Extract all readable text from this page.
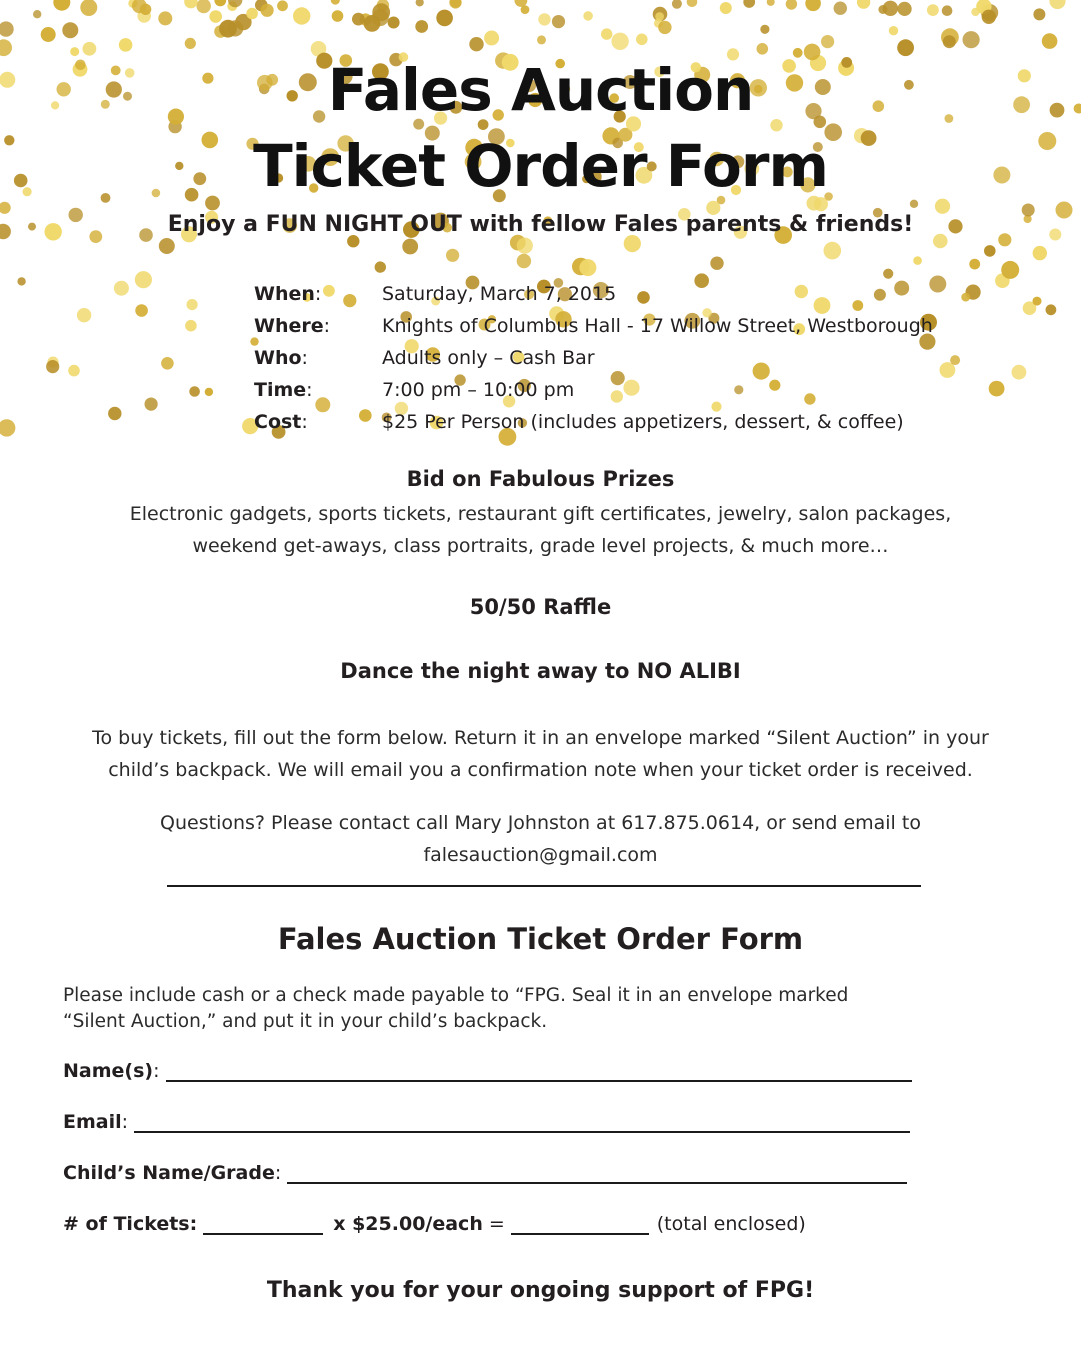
Fales Auction
Ticket Order Form
Enjoy a FUN NIGHT OUT with fellow Fales parents & friends!
When:	Saturday, March 7, 2015
Where:	Knights of Columbus Hall - 17 Willow Street, Westborough
Who:	Adults only – Cash Bar
Time:	7:00 pm – 10:00 pm
Cost:	$25 Per Person (includes appetizers, dessert, & coffee)
Bid on Fabulous Prizes
Electronic gadgets, sports tickets, restaurant gift certificates, jewelry, salon packages,
weekend get-aways, class portraits, grade level projects, & much more…
50/50 Raffle
Dance the night away to NO ALIBI
To buy tickets, fill out the form below. Return it in an envelope marked “Silent Auction” in your
child’s backpack. We will email you a confirmation note when your ticket order is received.
Questions? Please contact call Mary Johnston at 617.875.0614, or send email to
falesauction@gmail.com
Fales Auction Ticket Order Form
Please include cash or a check made payable to “FPG. Seal it in an envelope marked
“Silent Auction,” and put it in your child’s backpack.
Name(s) :
Email :
Child’s Name/Grade :
# of Tickets:	x $25.00/each =	(total enclosed)
Thank you for your ongoing support of FPG!
